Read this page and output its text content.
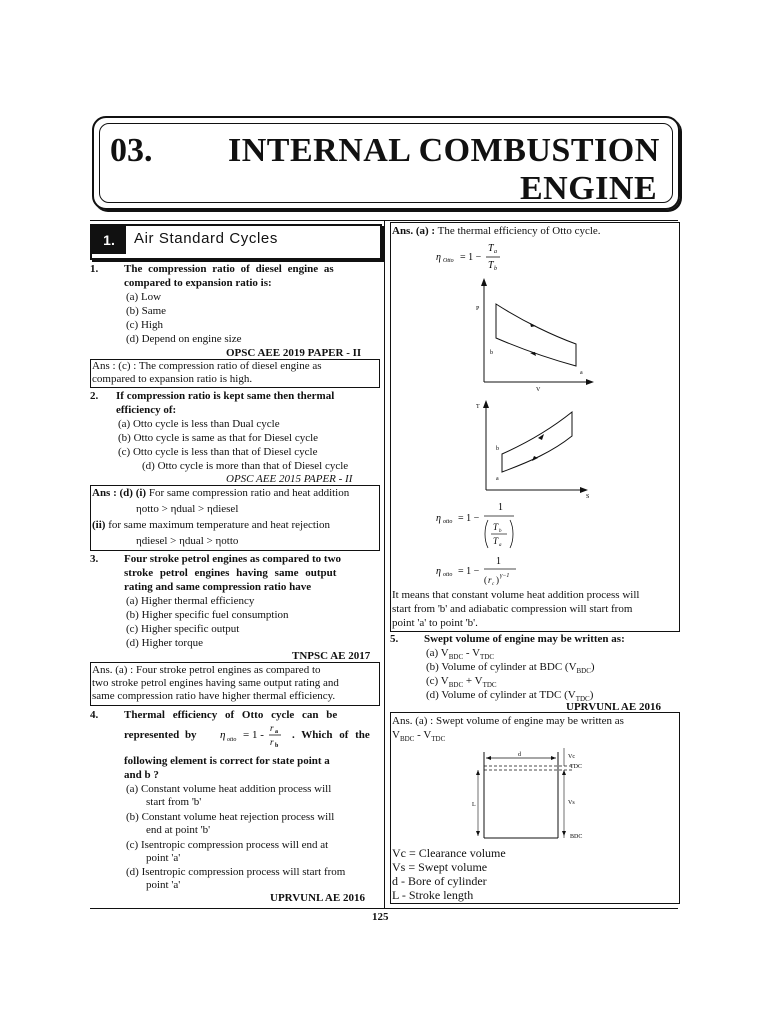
03. INTERNAL COMBUSTION
ENGINE
125
1.	Air Standard Cycles
1. The compression ratio of diesel engine as
compared to expansion ratio is:
(a) Low
(b) Same
(c) High
(d) Depend on engine size
OPSC AEE 2019 PAPER - II
Ans : (c) : The compression ratio of diesel engine as
compared to expansion ratio is high.
2. If compression ratio is kept same then thermal
efficiency of:
(a) Otto cycle is less than Dual cycle
(b) Otto cycle is same as that for Diesel cycle
(c) Otto cycle is less than that of Diesel cycle
(d) Otto cycle is more than that of Diesel cycle
OPSC AEE 2015 PAPER - II
Ans : (d) (i) For same compression ratio and heat addition
ηotto > ηdual > ηdiesel
(ii) for same maximum temperature and heat rejection
ηdiesel > ηdual > ηotto
3. Four stroke petrol engines as compared to two
stroke petrol engines having same output
rating and same compression ratio have
(a) Higher thermal efficiency
(b) Higher specific fuel consumption
(c) Higher specific output
(d) Higher torque
TNPSC AE 2017
Ans. (a) : Four stroke petrol engines as compared to
two stroke petrol engines having same output rating and
same compression ratio have higher thermal efficiency.
4. Thermal efficiency of Otto cycle can be
represented by η otto = 1 -
r a
r b
. Which of the
following element is correct for state point a
and b ?
(a) Constant volume heat addition process will
start from 'b'
(b) Constant volume heat rejection process will
end at point 'b'
(c) Isentropic compression process will end at
point 'a'
(d) Isentropic compression process will start from
point 'a'
UPRVUNL AE 2016
Ans. (a) : The thermal efficiency of Otto cycle.
η Otto = 1 −
T a
T b
P
V
b
a
T
S
b
a
η otto = 1 −
1
T b
T a
η otto = 1 −
1
( r c ) γ−1
It means that constant volume heat addition process will
start from 'b' and adiabatic compression will start from
point 'a' to point 'b'.
5. Swept volume of engine may be written as:
(a) $V_{BDC} - V_{TDC}$
(b) Volume of cylinder at BDC $(V_{BDC})$
(c) $V_{BDC} + V_{TDC}$
(d) Volume of cylinder at TDC $(V_{TDC})$
UPRVUNL AE 2016
Ans. (a) : Swept volume of engine may be written as
$V_{BDC} - V_{TDC}$
d
TDC
BDC
L
Vc
Vs
Vc = Clearance volume
Vs = Swept volume
d - Bore of cylinder
L - Stroke length
